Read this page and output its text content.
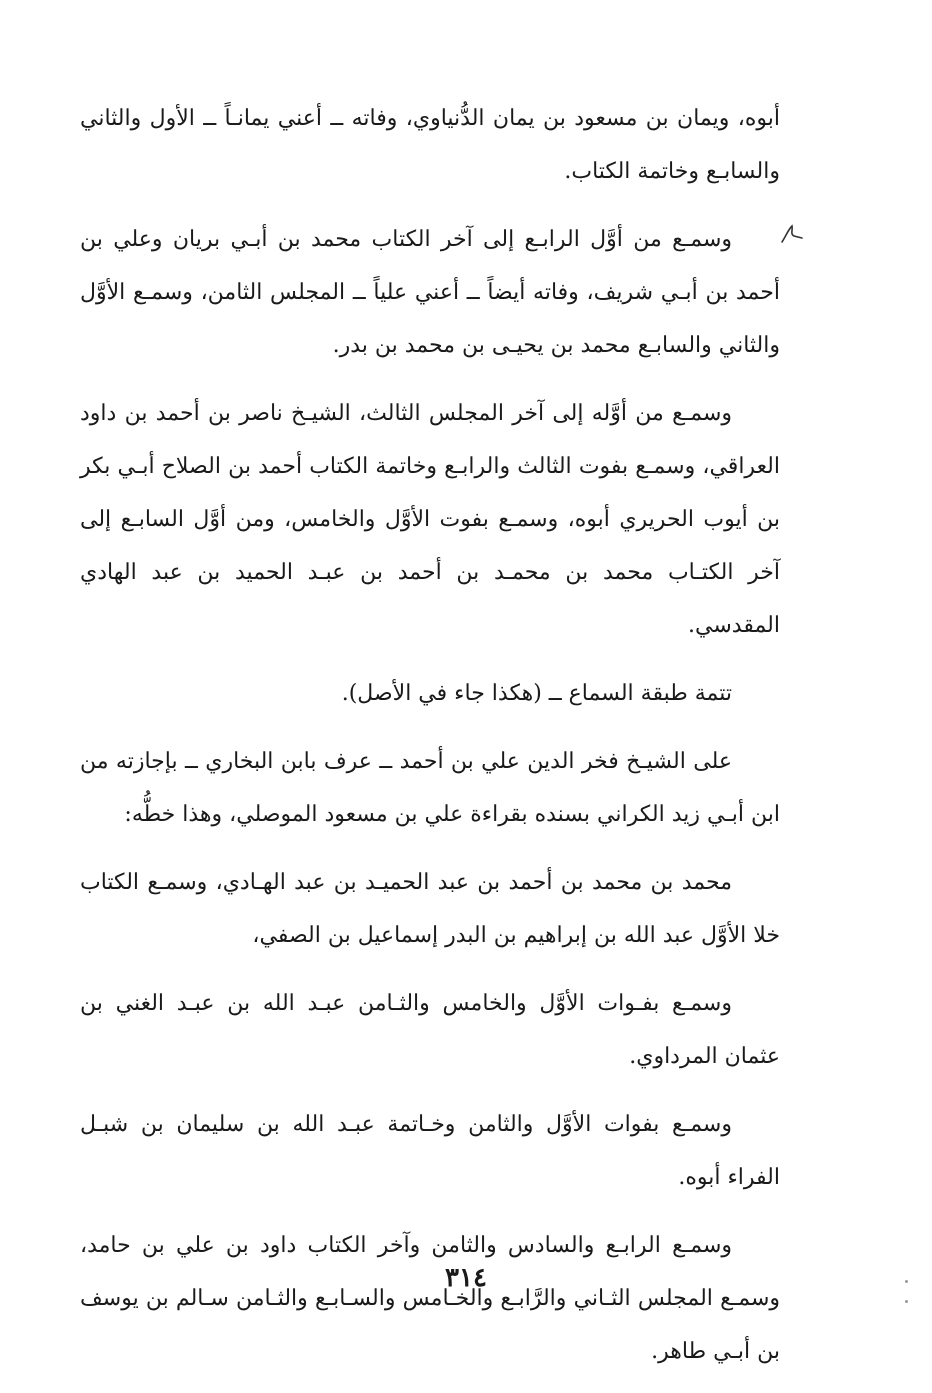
أبوه، ويمان بن مسعود بن يمان الدُّنياوي، وفاته ــ أعني يمانـاً ــ الأول والثاني والسابـع وخاتمة الكتاب.

وسمـع من أوَّل الرابـع إلى آخر الكتاب محمد بن أبـي بريان وعلي بن أحمد بن أبـي شريف، وفاته أيضاً ــ أعني علياً ــ المجلس الثامن، وسمـع الأوَّل والثاني والسابـع محمد بن يحيـى بن محمد بن بدر.

وسمـع من أوَّله إلى آخر المجلس الثالث، الشيـخ ناصر بن أحمد بن داود العراقي، وسمـع بفوت الثالث والرابـع وخاتمة الكتاب أحمد بن الصلاح أبـي بكر بن أيوب الحريري أبوه، وسمـع بفوت الأوَّل والخامس، ومن أوَّل السابـع إلى آخر الكتـاب محمد بن محمـد بن أحمد بن عبـد الحميد بن عبد الهادي المقدسي.

تتمة طبقة السماع ــ (هكذا جاء في الأصل).

على الشيـخ فخر الدين علي بن أحمد ــ عرف بابن البخاري ــ بإجازته من ابن أبـي زيد الكراني بسنده بقراءة علي بن مسعود الموصلي، وهذا خطُّه:

محمد بن محمد بن أحمد بن عبد الحميـد بن عبد الهـادي، وسمـع الكتاب خلا الأوَّل عبد الله بن إبراهيم بن البدر إسماعيل بن الصفي،

وسمـع بفـوات الأوَّل والخامس والثـامن عبـد الله بن عبـد الغني بن عثمان المرداوي.

وسمـع بفوات الأوَّل والثامن وخـاتمة عبـد الله بن سليمان بن شبـل الفراء أبوه.

وسمـع الرابـع والسادس والثامن وآخر الكتاب داود بن علي بن حامد، وسمـع المجلس الثـاني والرَّابـع والخـامس والسـابـع والثـامن سـالم بن يوسف بن أبـي طاهر.

٣١٤
